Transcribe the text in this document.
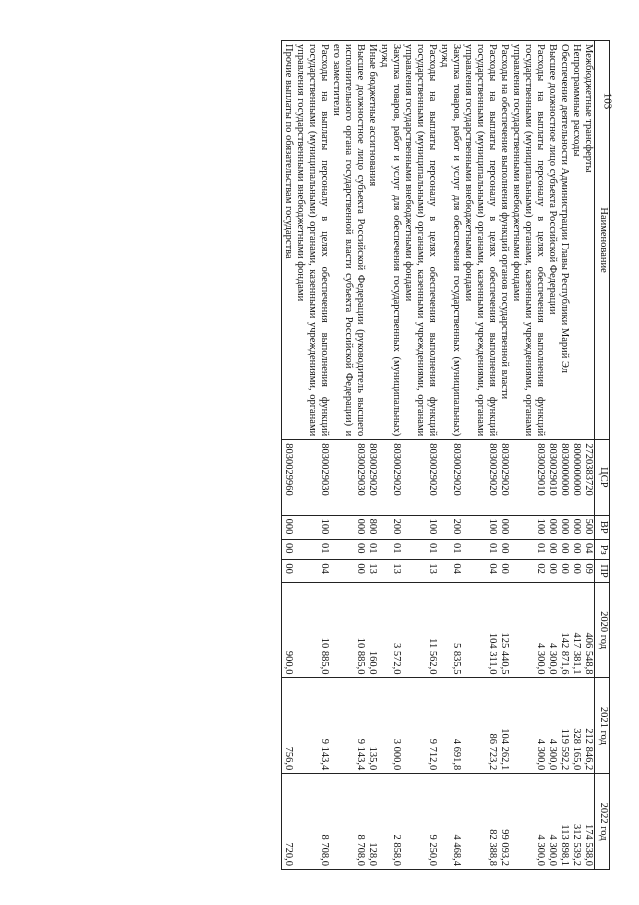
103
Наименование	ЦСР	ВР	Рз	ПР	2020 год	2021 год	2022 год
Межбюджетные трансферты	2720383720	500	04	09	406 548,8	212 846,2	174 538,0
Непрограммные расходы	8000000000	000	00	00	417 381,1	328 165,0	312 539,2
Обеспечение деятельности Администрации Главы Республики Марий Эл	8030000000	000	00	00	142 871,6	119 592,2	113 898,1
Высшее должностное лицо субъекта Российской Федерации	8030029010	000	00	00	4 300,0	4 300,0	4 300,0
Расходы на выплаты персоналу в целях обеспечения выполнения функций государственными (муниципальными) органами, казенными учреждениями, органами управления государственными внебюджетными фондами	8030029010	100	01	02	4 300,0	4 300,0	4 300,0
Расходы на обеспечение выполнения функций органов государственной власти	8030029020	000	00	00	125 440,5	104 262,1	99 093,2
Расходы на выплаты персоналу в целях обеспечения выполнения функций государственными (муниципальными) органами, казенными учреждениями, органами управления государственными внебюджетными фондами	8030029020	100	01	04	104 311,0	86 723,2	82 388,8
Закупка товаров, работ и услуг для обеспечения государственных (муниципальных) нужд	8030029020	200	01	04	5 835,5	4 691,8	4 468,4
Расходы на выплаты персоналу в целях обеспечения выполнения функций государственными (муниципальными) органами, казенными учреждениями, органами управления государственными внебюджетными фондами	8030029020	100	01	13	11 562,0	9 712,0	9 250,0
Закупка товаров, работ и услуг для обеспечения государственных (муниципальных) нужд	8030029020	200	01	13	3 572,0	3 000,0	2 858,0
Иные бюджетные ассигнования	8030029020	800	01	13	160,0	135,0	128,0
Высшее должностное лицо субъекта Российской Федерации (руководитель высшего исполнительного органа государственной власти субъекта Российской Федерации) и его заместители	8030029030	000	00	00	10 885,0	9 143,4	8 708,0
Расходы на выплаты персоналу в целях обеспечения выполнения функций государственными (муниципальными) органами, казенными учреждениями, органами управления государственными внебюджетными фондами	8030029030	100	01	04	10 885,0	9 143,4	8 708,0
Прочие выплаты по обязательствам государства	8030029960	000	00	00	900,0	756,0	720,0
